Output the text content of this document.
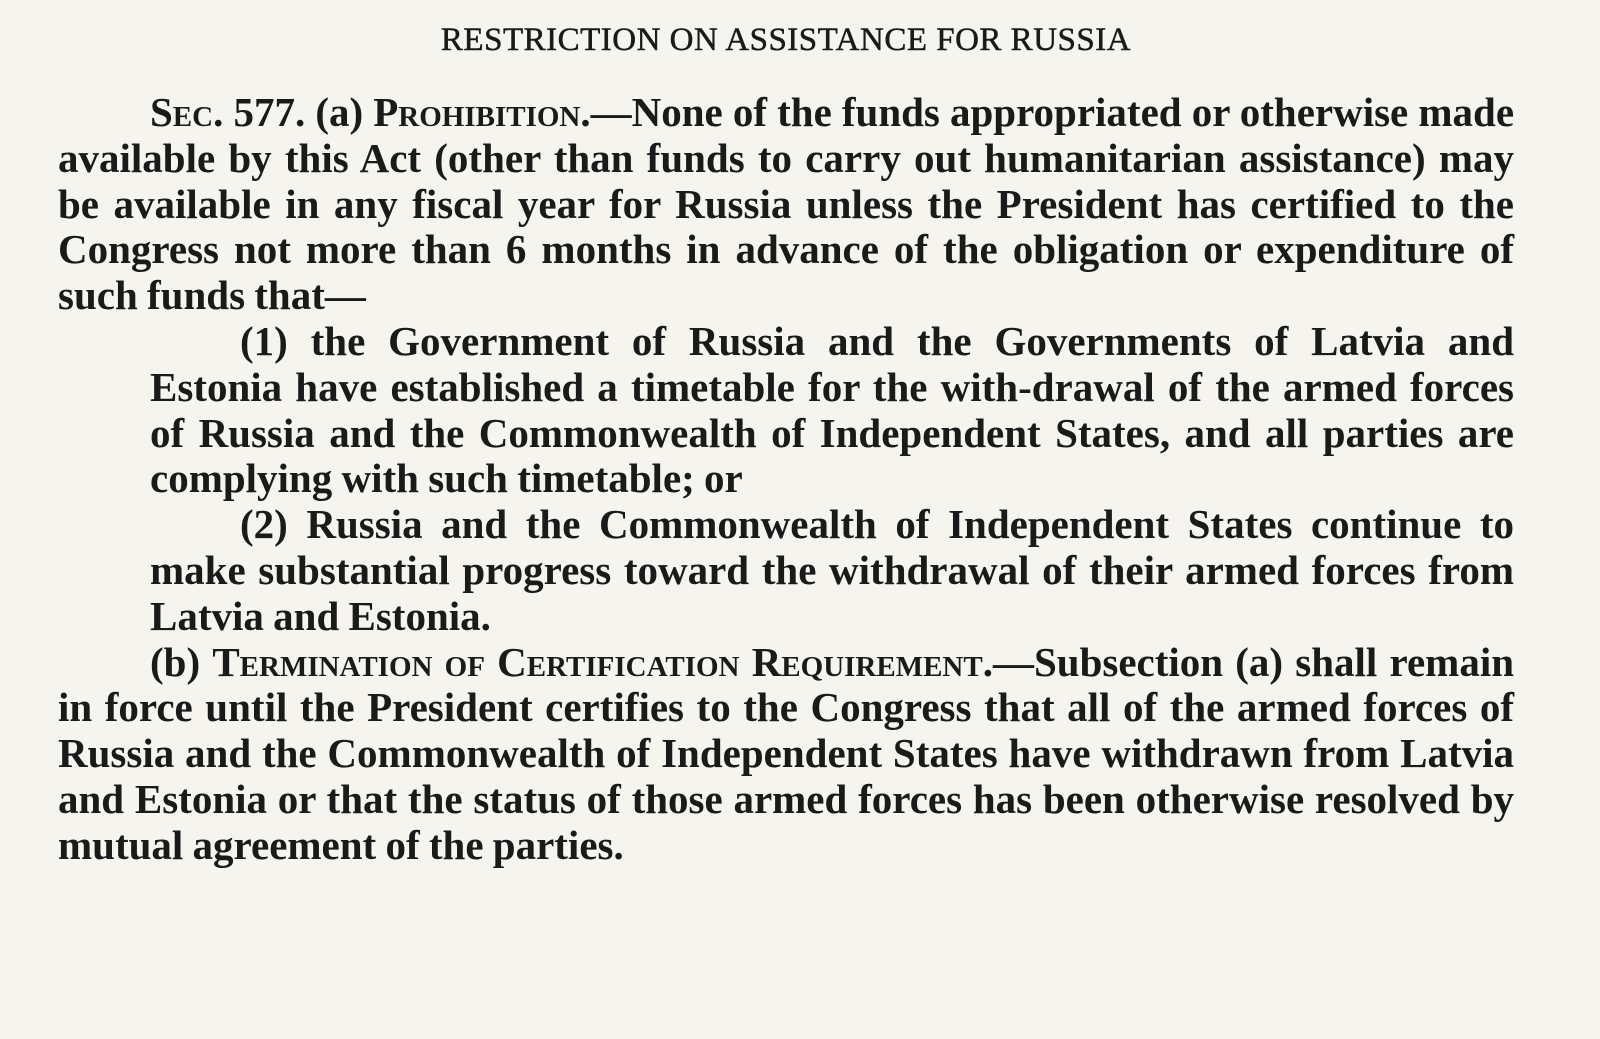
RESTRICTION ON ASSISTANCE FOR RUSSIA

Sec. 577. (a) Prohibition.—None of the funds appropriated or otherwise made available by this Act (other than funds to carry out humanitarian assistance) may be available in any fiscal year for Russia unless the President has certified to the Congress not more than 6 months in advance of the obligation or expenditure of such funds that—

(1) the Government of Russia and the Governments of Latvia and Estonia have established a timetable for the with-drawal of the armed forces of Russia and the Commonwealth of Independent States, and all parties are complying with such timetable; or

(2) Russia and the Commonwealth of Independent States continue to make substantial progress toward the withdrawal of their armed forces from Latvia and Estonia.

(b) Termination of Certification Requirement.—Subsection (a) shall remain in force until the President certifies to the Congress that all of the armed forces of Russia and the Commonwealth of Independent States have withdrawn from Latvia and Estonia or that the status of those armed forces has been otherwise resolved by mutual agreement of the parties.
